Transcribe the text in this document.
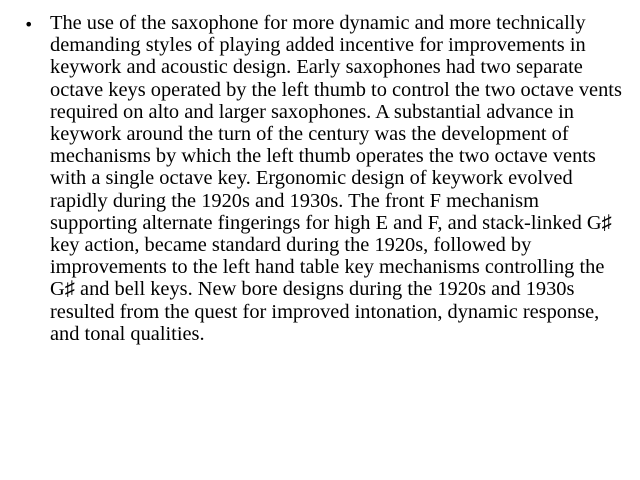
• The use of the saxophone for more dynamic and more technically demanding styles of playing added incentive for improvements in keywork and acoustic design. Early saxophones had two separate octave keys operated by the left thumb to control the two octave vents required on alto and larger saxophones. A substantial advance in keywork around the turn of the century was the development of mechanisms by which the left thumb operates the two octave vents with a single octave key. Ergonomic design of keywork evolved rapidly during the 1920s and 1930s. The front F mechanism supporting alternate fingerings for high E and F, and stack-linked G♯ key action, became standard during the 1920s, followed by improvements to the left hand table key mechanisms controlling the G♯ and bell keys. New bore designs during the 1920s and 1930s resulted from the quest for improved intonation, dynamic response, and tonal qualities.
